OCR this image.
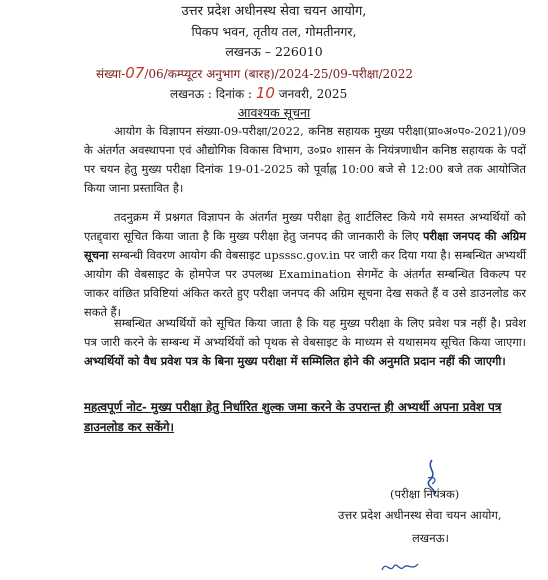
उत्तर प्रदेश अधीनस्थ सेवा चयन आयोग,
पिकप भवन, तृतीय तल, गोमतीनगर,
लखनऊ – 226010
संख्या-07/06/कम्प्यूटर अनुभाग (बारह)/2024-25/09-परीक्षा/2022
लखनऊ : दिनांक : 10 जनवरी, 2025
आवश्यक सूचना
आयोग के विज्ञापन संख्या-09-परीक्षा/2022, कनिष्ठ सहायक मुख्य परीक्षा(प्रा०अ०प०-2021)/09 के अंतर्गत अवस्थापना एवं औद्योगिक विकास विभाग, उ०प्र० शासन के नियंत्रणाधीन कनिष्ठ सहायक के पदों पर चयन हेतु मुख्य परीक्षा दिनांक 19-01-2025 को पूर्वाह्न 10:00 बजे से 12:00 बजे तक आयोजित किया जाना प्रस्तावित है।
तदनुक्रम में प्रश्नगत विज्ञापन के अंतर्गत मुख्य परीक्षा हेतु शार्टलिस्ट किये गये समस्त अभ्यर्थियों को एतद्द्वारा सूचित किया जाता है कि मुख्य परीक्षा हेतु जनपद की जानकारी के लिए परीक्षा जनपद की अग्रिम सूचना सम्बन्धी विवरण आयोग की वेबसाइट upsssc.gov.in पर जारी कर दिया गया है। सम्बन्धित अभ्यर्थी आयोग की वेबसाइट के होमपेज पर उपलब्ध Examination सेगमेंट के अंतर्गत सम्बन्धित विकल्प पर जाकर वांछित प्रविष्टियां अंकित करते हुए परीक्षा जनपद की अग्रिम सूचना देख सकते हैं व उसे डाउनलोड कर सकते हैं।
सम्बन्धित अभ्यर्थियों को सूचित किया जाता है कि यह मुख्य परीक्षा के लिए प्रवेश पत्र नहीं है। प्रवेश पत्र जारी करने के सम्बन्ध में अभ्यर्थियों को पृथक से वेबसाइट के माध्यम से यथासमय सूचित किया जाएगा। अभ्यर्थियों को वैध प्रवेश पत्र के बिना मुख्य परीक्षा में सम्मिलित होने की अनुमति प्रदान नहीं की जाएगी।
महत्वपूर्ण नोट- मुख्य परीक्षा हेतु निर्धारित शुल्क जमा करने के उपरान्त ही अभ्यर्थी अपना प्रवेश पत्र डाउनलोड कर सकेंगे।
(परीक्षा नियंत्रक)
उत्तर प्रदेश अधीनस्थ सेवा चयन आयोग,
लखनऊ।
